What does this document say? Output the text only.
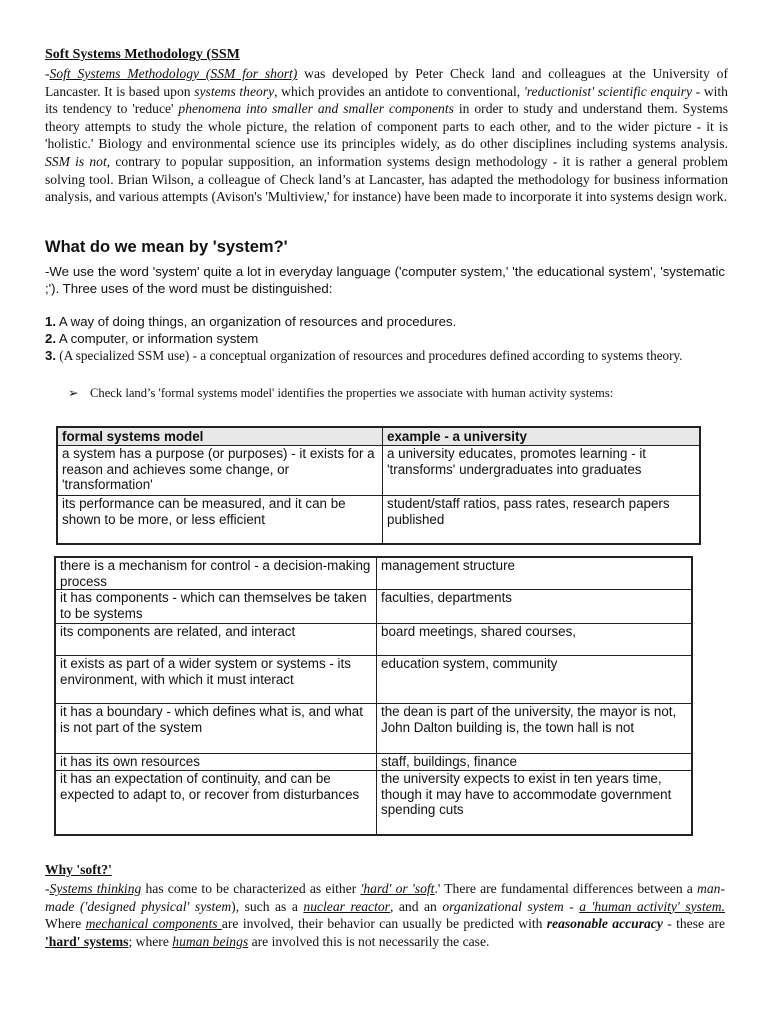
Soft Systems Methodology (SSM
-Soft Systems Methodology (SSM for short) was developed by Peter Check land and colleagues at the University of Lancaster. It is based upon systems theory, which provides an antidote to conventional, 'reductionist' scientific enquiry - with its tendency to 'reduce' phenomena into smaller and smaller components in order to study and understand them. Systems theory attempts to study the whole picture, the relation of component parts to each other, and to the wider picture - it is 'holistic.' Biology and environmental science use its principles widely, as do other disciplines including systems analysis. SSM is not, contrary to popular supposition, an information systems design methodology - it is rather a general problem solving tool. Brian Wilson, a colleague of Check land’s at Lancaster, has adapted the methodology for business information analysis, and various attempts (Avison's 'Multiview,' for instance) have been made to incorporate it into systems design work.
What do we mean by 'system?'
-We use the word 'system' quite a lot in everyday language ('computer system,' 'the educational system', 'systematic ;'). Three uses of the word must be distinguished:
1. A way of doing things, an organization of resources and procedures.
2. A computer, or information system
3. (A specialized SSM use) - a conceptual organization of resources and procedures defined according to systems theory.
➢ Check land’s 'formal systems model' identifies the properties we associate with human activity systems:
formal systems model	example - a university
a system has a purpose (or purposes) - it exists for a reason and achieves some change, or 'transformation'	a university educates, promotes learning - it 'transforms' undergraduates into graduates
its performance can be measured, and it can be shown to be more, or less efficient	student/staff ratios, pass rates, research papers published
there is a mechanism for control - a decision-making process	management structure
it has components - which can themselves be taken to be systems	faculties, departments
its components are related, and interact	board meetings, shared courses,
it exists as part of a wider system or systems - its environment, with which it must interact	education system, community
it has a boundary - which defines what is, and what is not part of the system	the dean is part of the university, the mayor is not, John Dalton building is, the town hall is not
it has its own resources	staff, buildings, finance
it has an expectation of continuity, and can be expected to adapt to, or recover from disturbances	the university expects to exist in ten years time, though it may have to accommodate government spending cuts
Why 'soft?'
-Systems thinking has come to be characterized as either 'hard' or 'soft.' There are fundamental differences between a man-made ('designed physical' system), such as a nuclear reactor, and an organizational system - a 'human activity' system. Where mechanical components are involved, their behavior can usually be predicted with reasonable accuracy - these are 'hard' systems; where human beings are involved this is not necessarily the case.
